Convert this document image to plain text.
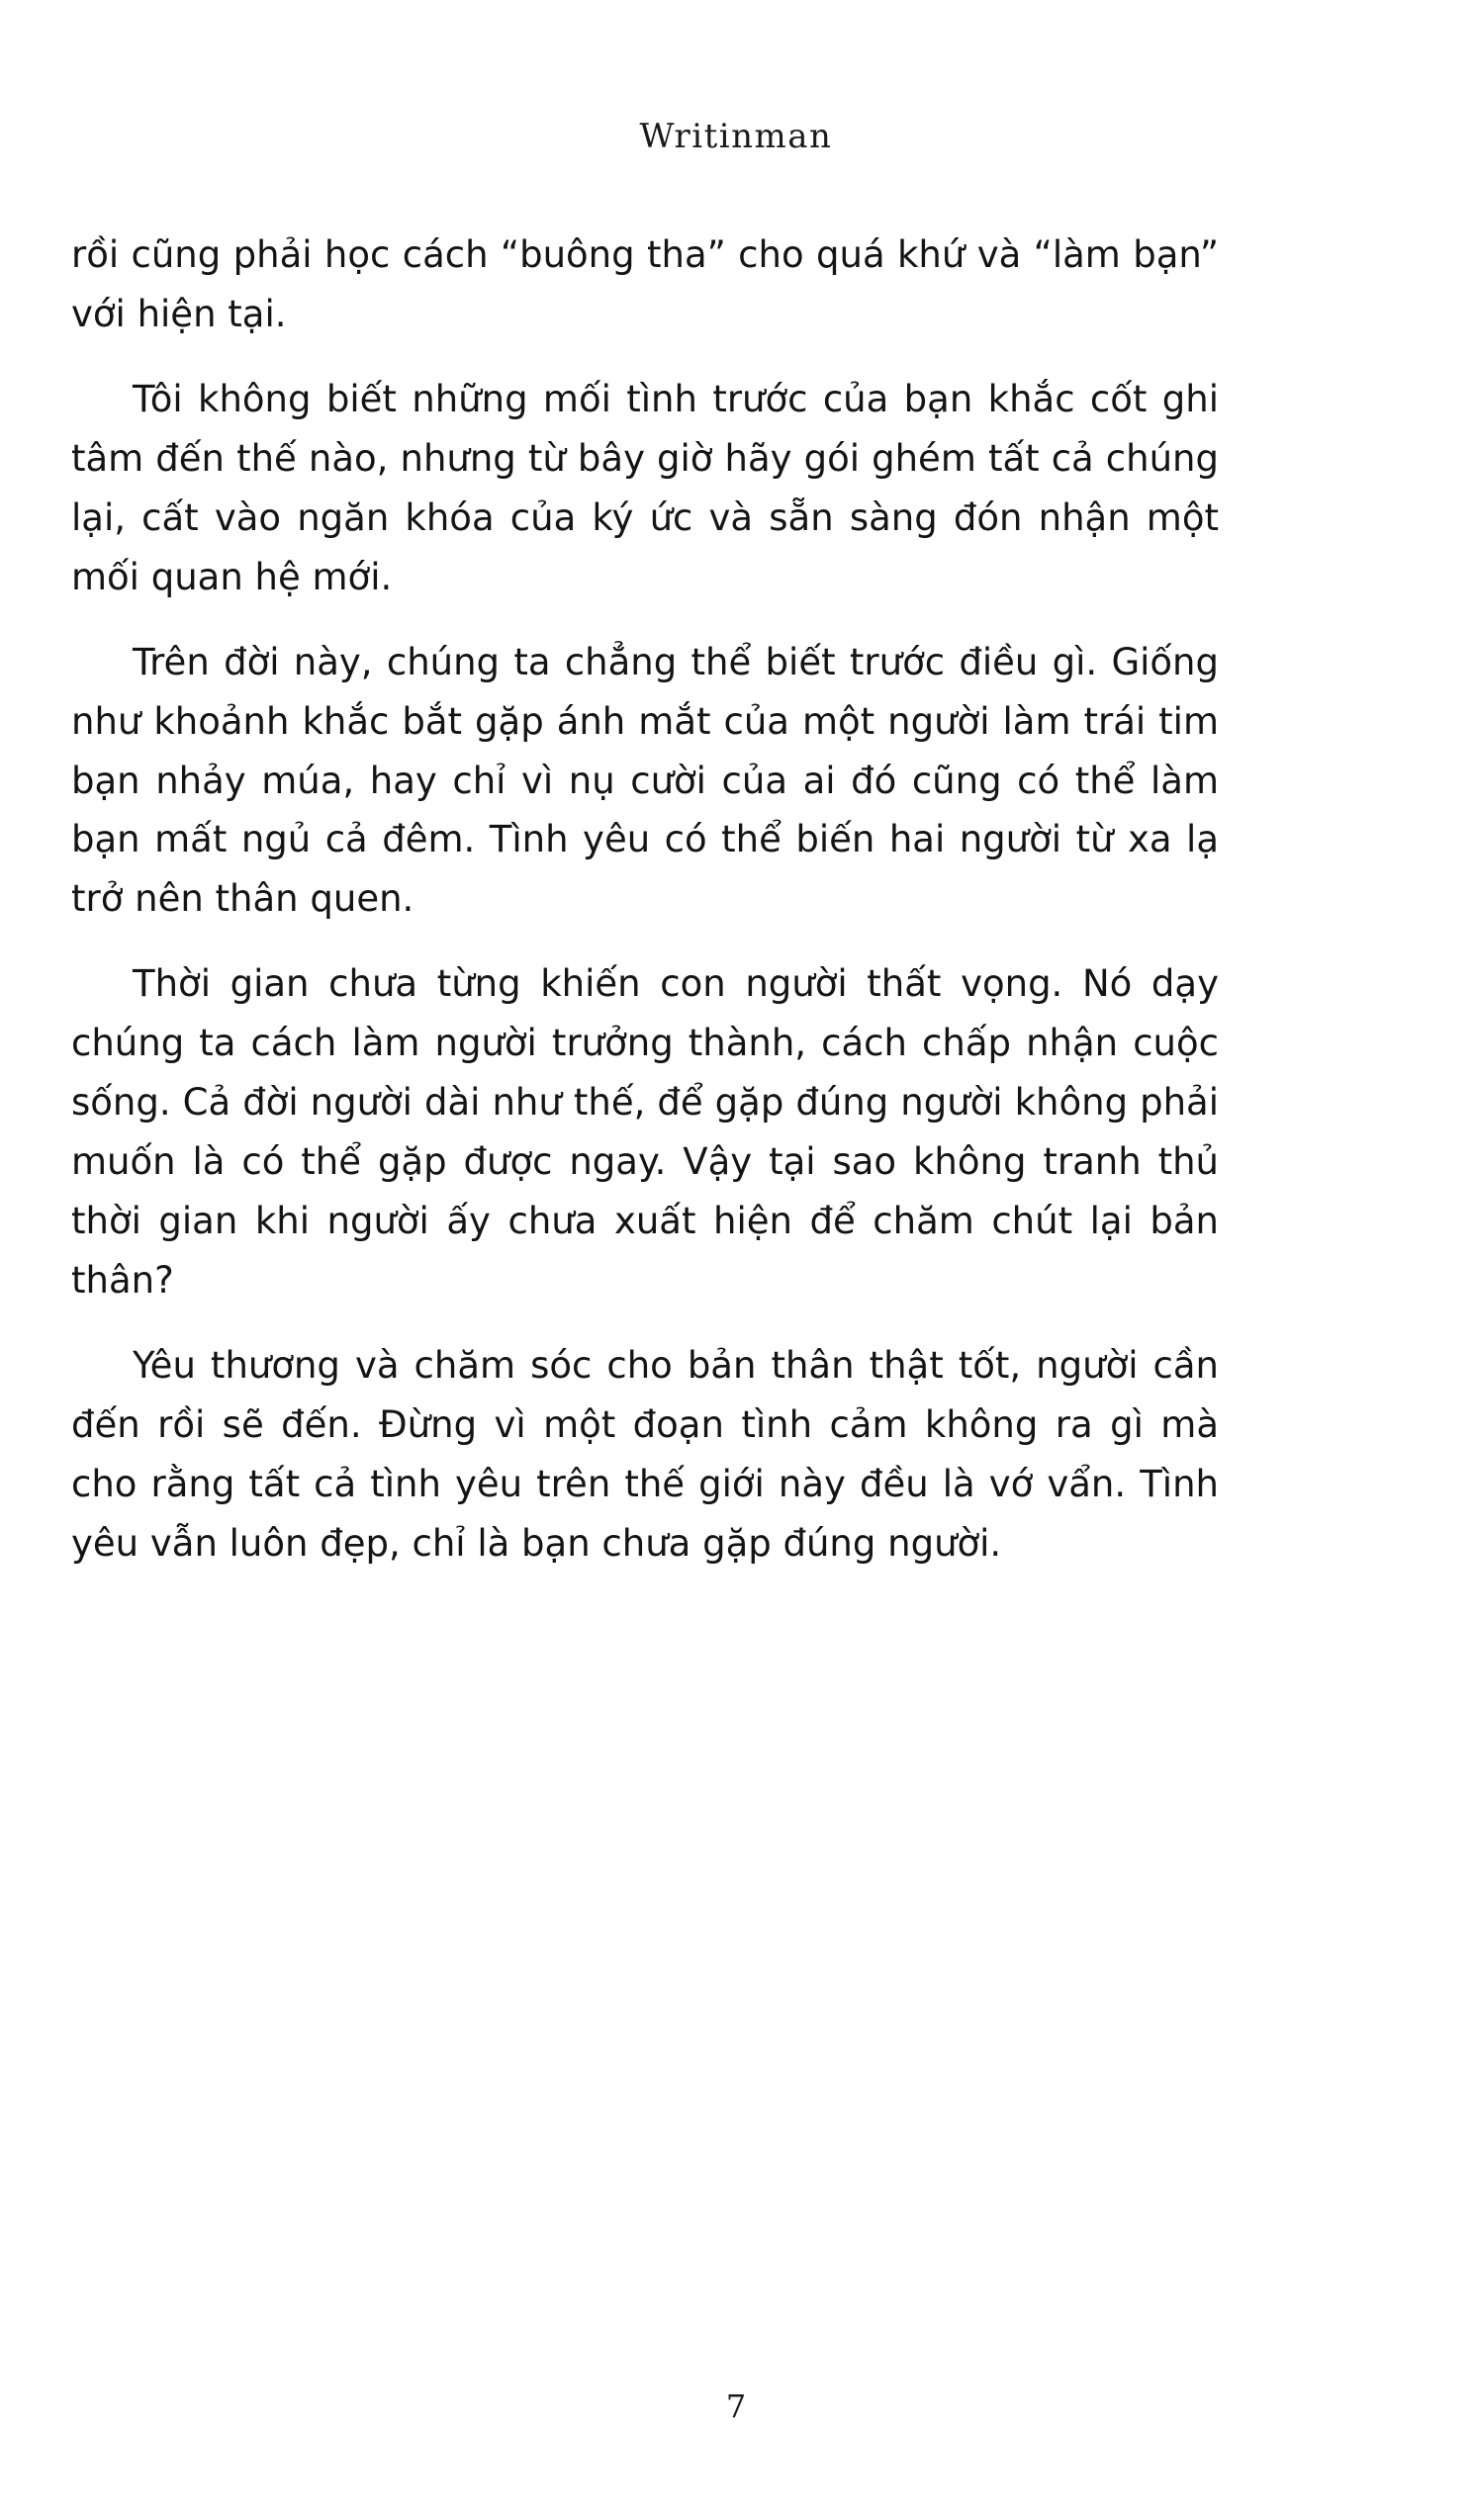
Writinman

rồi cũng phải học cách “buông tha” cho quá khứ và “làm bạn” với hiện tại.

Tôi không biết những mối tình trước của bạn khắc cốt ghi tâm đến thế nào, nhưng từ bây giờ hãy gói ghém tất cả chúng lại, cất vào ngăn khóa của ký ức và sẵn sàng đón nhận một mối quan hệ mới.

Trên đời này, chúng ta chẳng thể biết trước điều gì. Giống như khoảnh khắc bắt gặp ánh mắt của một người làm trái tim bạn nhảy múa, hay chỉ vì nụ cười của ai đó cũng có thể làm bạn mất ngủ cả đêm. Tình yêu có thể biến hai người từ xa lạ trở nên thân quen.

Thời gian chưa từng khiến con người thất vọng. Nó dạy chúng ta cách làm người trưởng thành, cách chấp nhận cuộc sống. Cả đời người dài như thế, để gặp đúng người không phải muốn là có thể gặp được ngay. Vậy tại sao không tranh thủ thời gian khi người ấy chưa xuất hiện để chăm chút lại bản thân?

Yêu thương và chăm sóc cho bản thân thật tốt, người cần đến rồi sẽ đến. Đừng vì một đoạn tình cảm không ra gì mà cho rằng tất cả tình yêu trên thế giới này đều là vớ vẩn. Tình yêu vẫn luôn đẹp, chỉ là bạn chưa gặp đúng người.

7
